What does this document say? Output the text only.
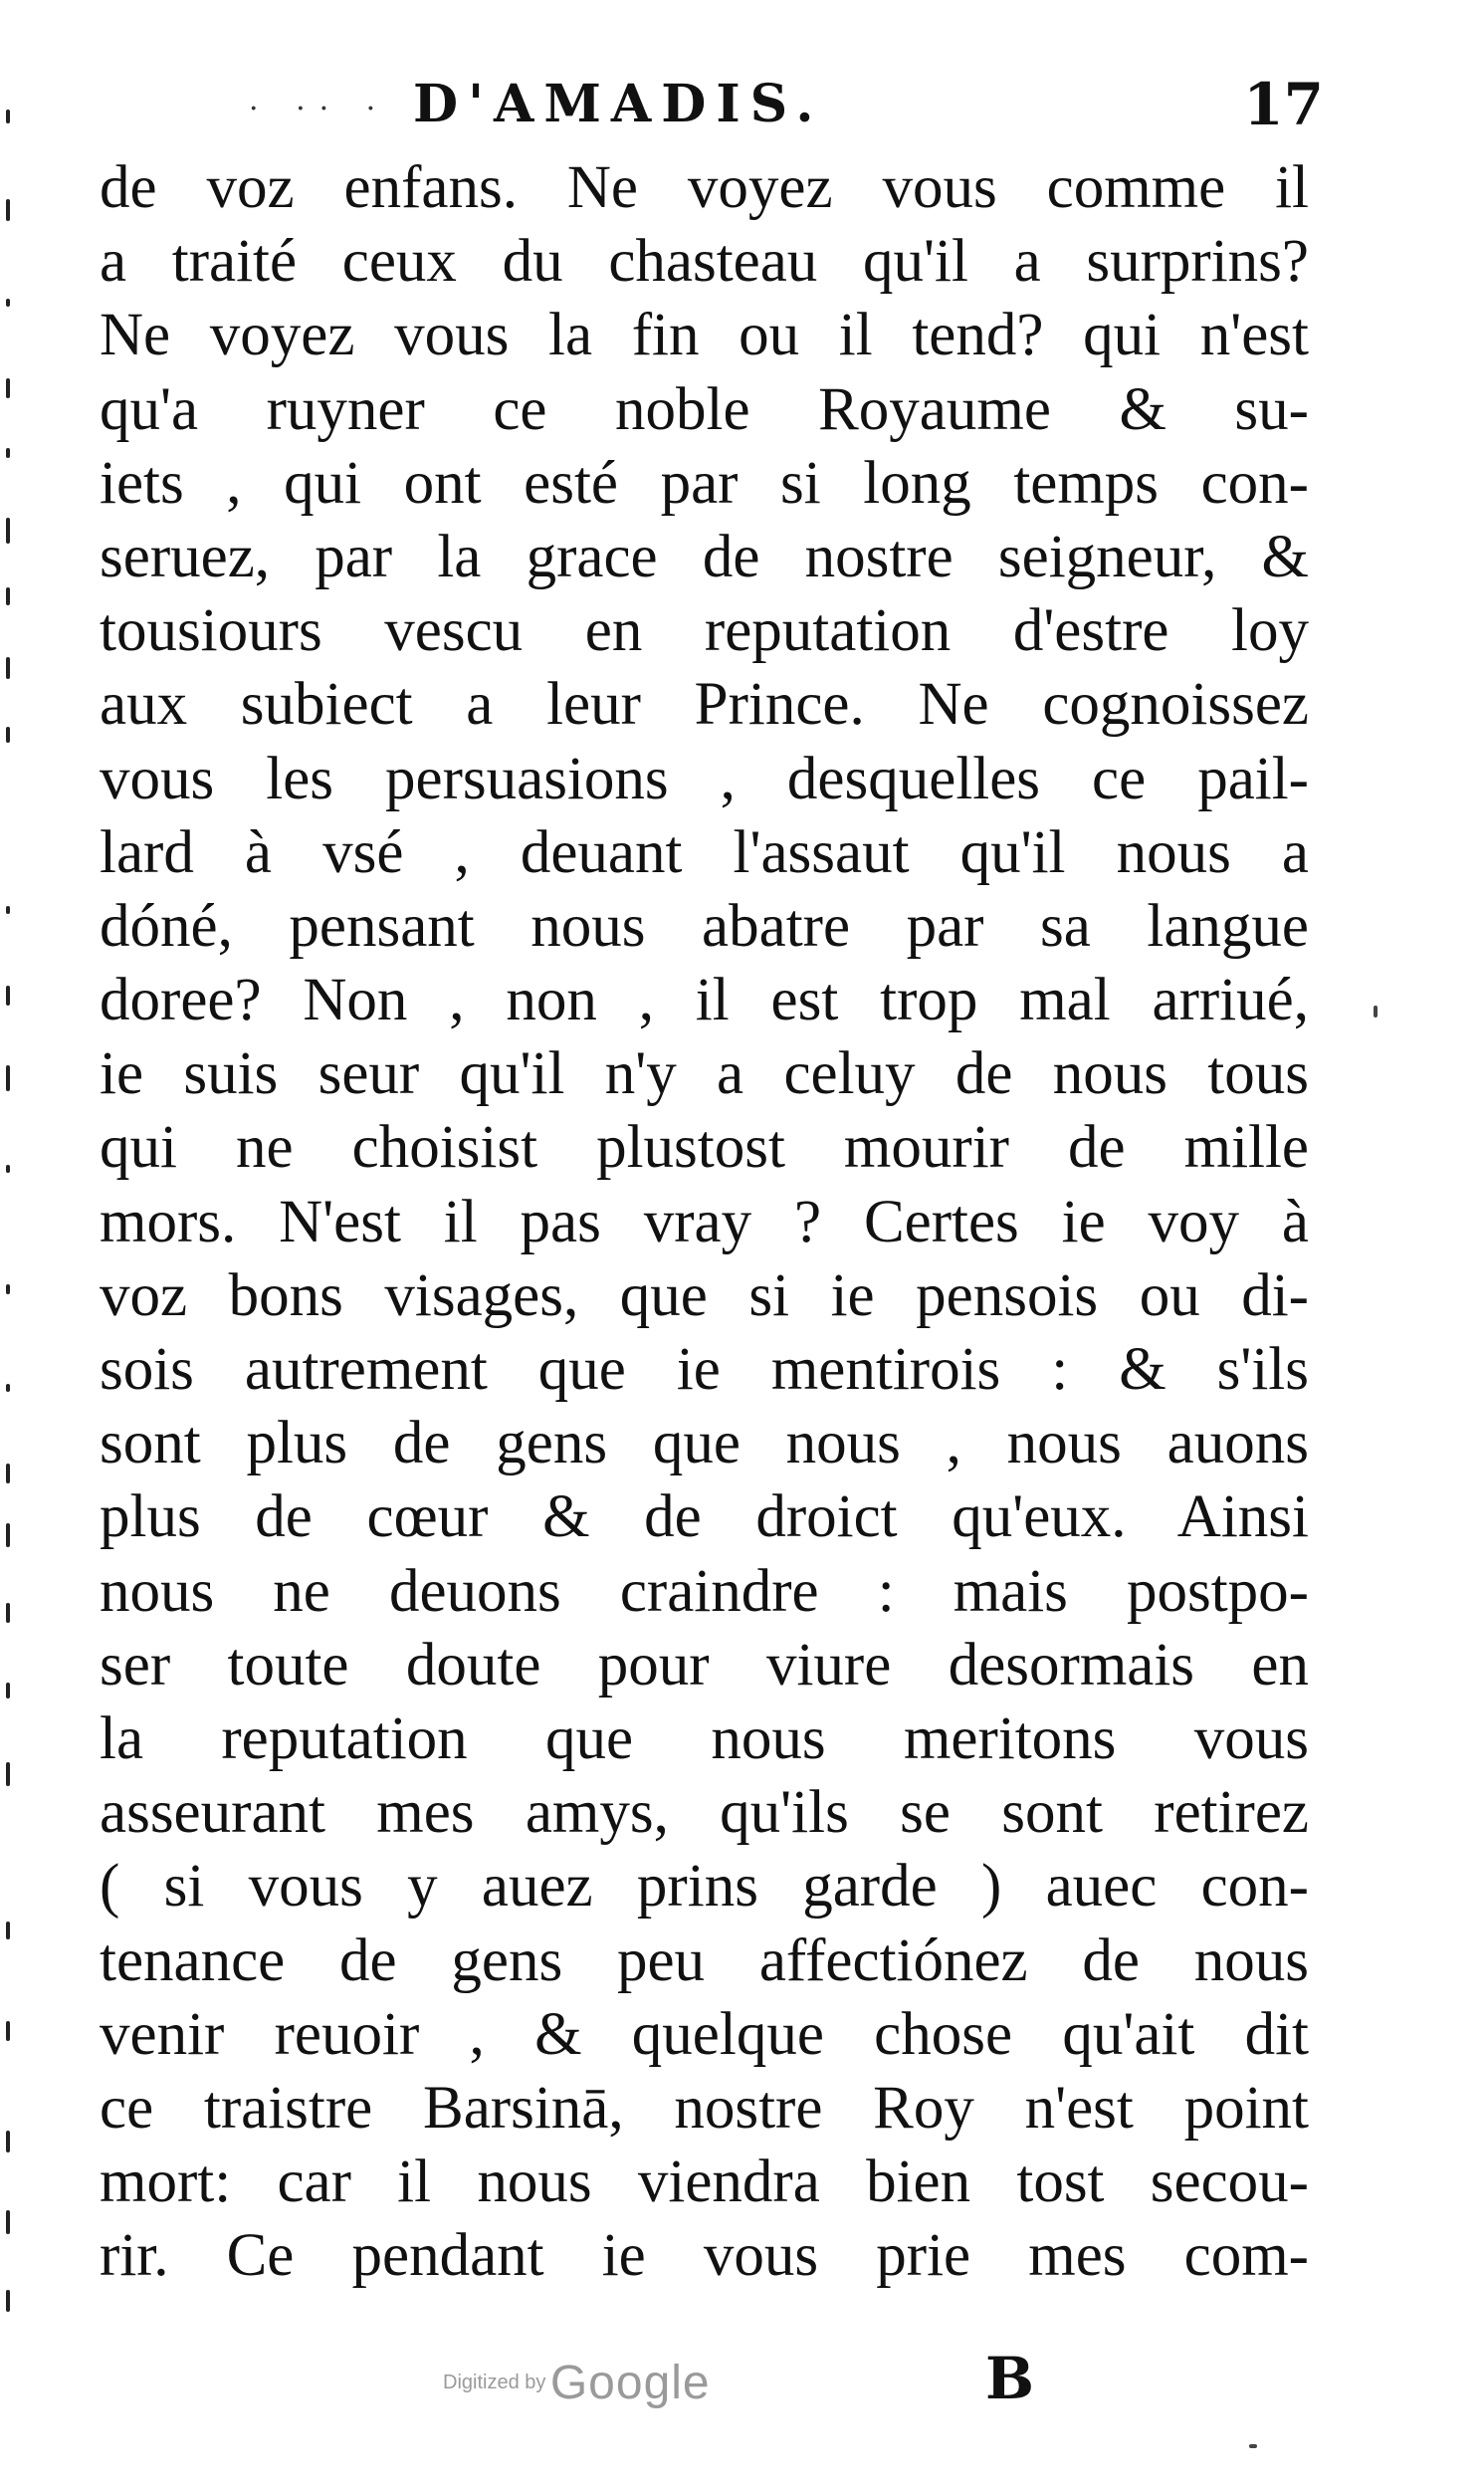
· ·· · D'AMADIS.	17
de voz enfans. Ne voyez vous comme il
a traité ceux du chasteau qu'il a surprins?
Ne voyez vous la fin ou il tend? qui n'est
qu'a ruyner ce noble Royaume & su-
iets , qui ont esté par si long temps con-
seruez, par la grace de nostre seigneur, &
tousiours vescu en reputation d'estre loy
aux subiect a leur Prince. Ne cognoissez
vous les persuasions , desquelles ce pail-
lard à vsé , deuant l'assaut qu'il nous a
dóné, pensant nous abatre par sa langue
doree? Non , non , il est trop mal arriué,
ie suis seur qu'il n'y a celuy de nous tous
qui ne choisist plustost mourir de mille
mors. N'est il pas vray ? Certes ie voy à
voz bons visages, que si ie pensois ou di-
sois autrement que ie mentirois : & s'ils
sont plus de gens que nous , nous auons
plus de cœur & de droict qu'eux. Ainsi
nous ne deuons craindre : mais postpo-
ser toute doute pour viure desormais en
la reputation que nous meritons vous
asseurant mes amys, qu'ils se sont retirez
( si vous y auez prins garde ) auec con-
tenance de gens peu affectiónez de nous
venir reuoir , & quelque chose qu'ait dit
ce traistre Barsinā, nostre Roy n'est point
mort: car il nous viendra bien tost secou-
rir. Ce pendant ie vous prie mes com-
Digitized by Google	B
